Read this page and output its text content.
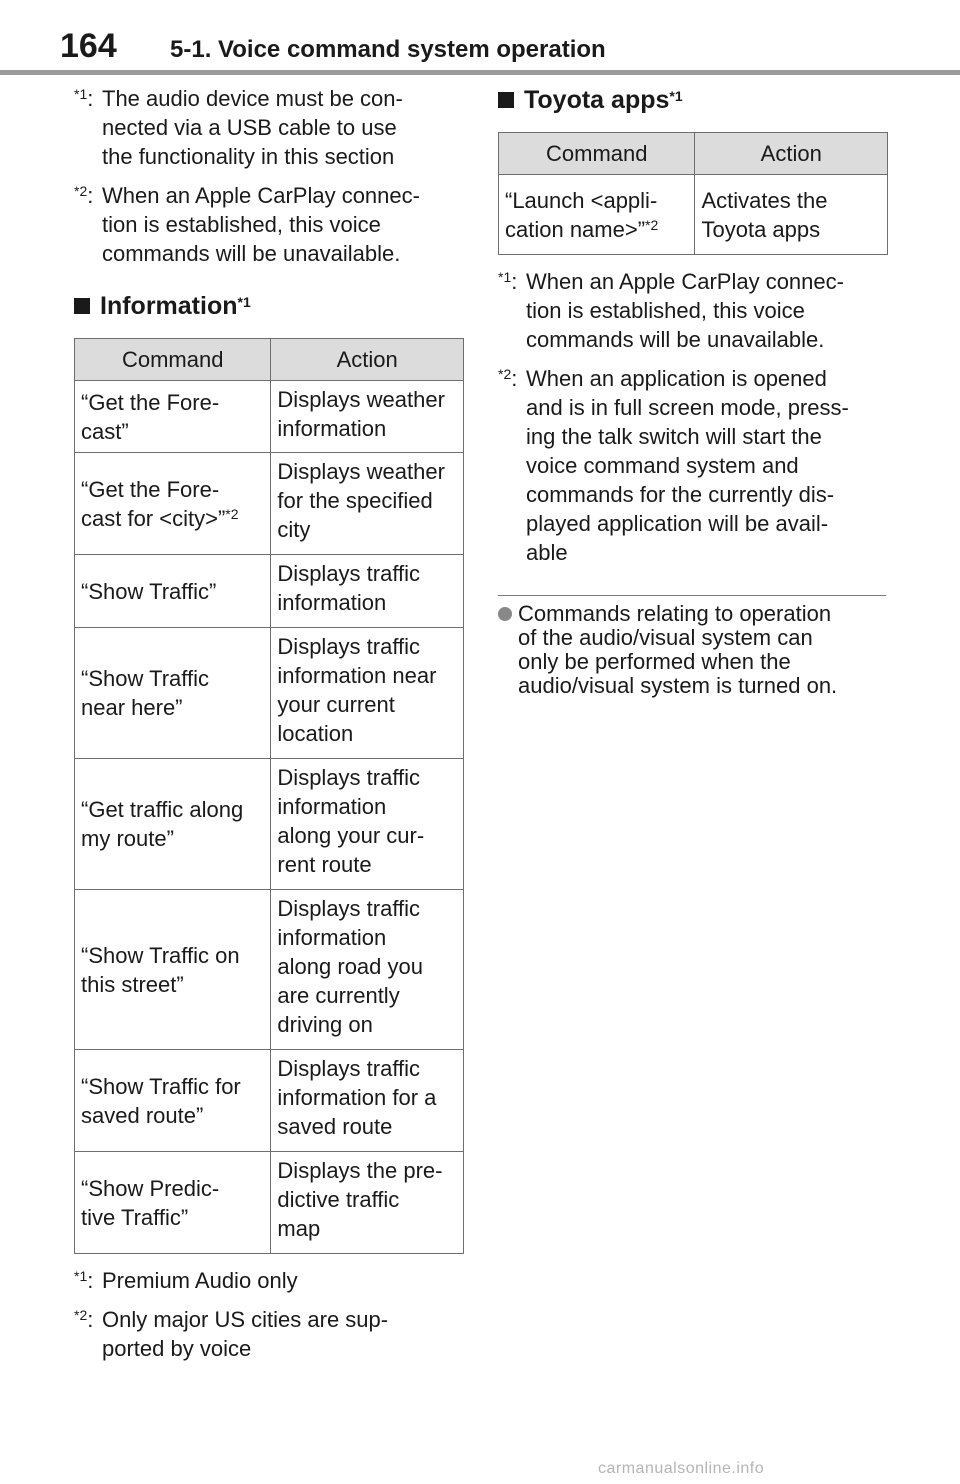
164 5-1. Voice command system operation
$^{*1}$: The audio device must be con-
nected via a USB cable to use
the functionality in this section
$^{*2}$: When an Apple CarPlay connec-
tion is established, this voice
commands will be unavailable.
Information$^{*1}$
Command	Action
“Get the Fore-
cast”	Displays weather
information
“Get the Fore-
cast for <city>”$^{*2}$	Displays weather
for the specified
city
“Show Traffic”	Displays traffic
information
“Show Traffic
near here”	Displays traffic
information near
your current
location
“Get traffic along
my route”	Displays traffic
information
along your cur-
rent route
“Show Traffic on
this street”	Displays traffic
information
along road you
are currently
driving on
“Show Traffic for
saved route”	Displays traffic
information for a
saved route
“Show Predic-
tive Traffic”	Displays the pre-
dictive traffic
map
$^{*1}$: Premium Audio only
$^{*2}$: Only major US cities are sup-
ported by voice
Toyota apps$^{*1}$
Command	Action
“Launch <appli-
cation name>”$^{*2}$	Activates the
Toyota apps
$^{*1}$: When an Apple CarPlay connec-
tion is established, this voice
commands will be unavailable.
$^{*2}$: When an application is opened
and is in full screen mode, press-
ing the talk switch will start the
voice command system and
commands for the currently dis-
played application will be avail-
able
Commands relating to operation
of the audio/visual system can
only be performed when the
audio/visual system is turned on.
carmanualsonline.info
